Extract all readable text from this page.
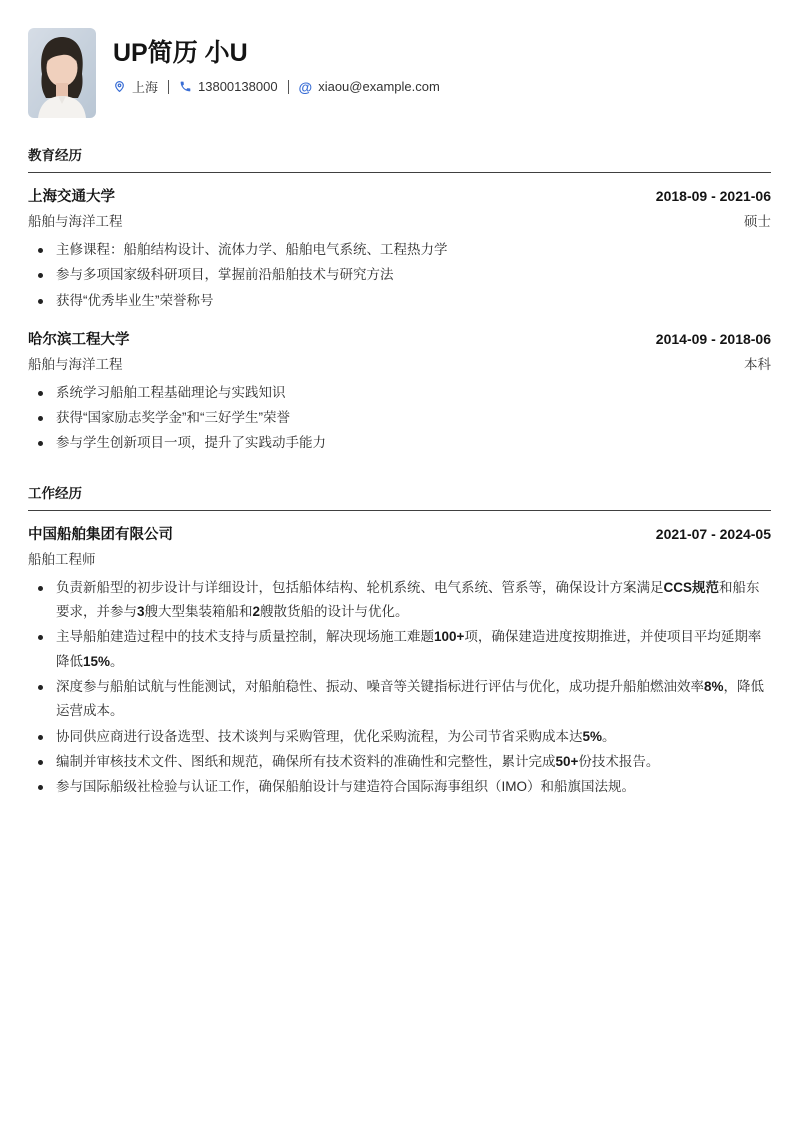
UP简历 小U
上海	13800138000 @ xiaou@example.com
教育经历
上海交通大学	2018-09 - 2021-06
船舶与海洋工程	硕士
主修课程：船舶结构设计、流体力学、船舶电气系统、工程热力学
参与多项国家级科研项目，掌握前沿船舶技术与研究方法
获得“优秀毕业生”荣誉称号
哈尔滨工程大学	2014-09 - 2018-06
船舶与海洋工程	本科
系统学习船舶工程基础理论与实践知识
获得“国家励志奖学金”和“三好学生”荣誉
参与学生创新项目一项，提升了实践动手能力
工作经历
中国船舶集团有限公司	2021-07 - 2024-05
船舶工程师
负责新船型的初步设计与详细设计，包括船体结构、轮机系统、电气系统、管系等，确保设计方案满足CCS规范和船东要求，并参与3艘大型集装箱船和2艘散货船的设计与优化。
主导船舶建造过程中的技术支持与质量控制，解决现场施工难题100+项，确保建造进度按期推进，并使项目平均延期率降低15%。
深度参与船舶试航与性能测试，对船舶稳性、振动、噪音等关键指标进行评估与优化，成功提升船舶燃油效率8%，降低运营成本。
协同供应商进行设备选型、技术谈判与采购管理，优化采购流程，为公司节省采购成本达5%。
编制并审核技术文件、图纸和规范，确保所有技术资料的准确性和完整性，累计完成50+份技术报告。
参与国际船级社检验与认证工作，确保船舶设计与建造符合国际海事组织（IMO）和船旗国法规。
